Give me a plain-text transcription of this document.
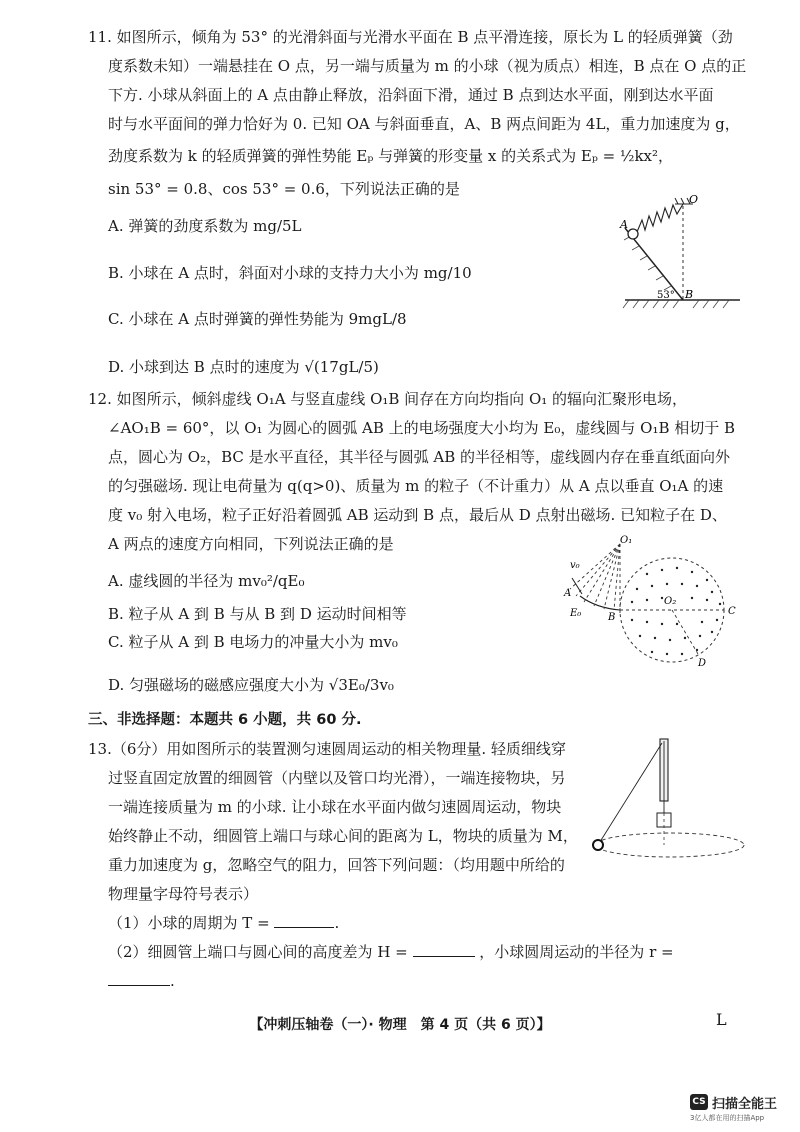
11. 如图所示，倾角为 53° 的光滑斜面与光滑水平面在 B 点平滑连接，原长为 L 的轻质弹簧（劲
度系数未知）一端悬挂在 O 点，另一端与质量为 m 的小球（视为质点）相连，B 点在 O 点的正
下方. 小球从斜面上的 A 点由静止释放，沿斜面下滑，通过 B 点到达水平面，刚到达水平面
时与水平面间的弹力恰好为 0. 已知 OA 与斜面垂直，A、B 两点间距为 4L，重力加速度为 g，
劲度系数为 k 的轻质弹簧的弹性势能 Eₚ 与弹簧的形变量 x 的关系式为 Eₚ = ½kx²，
sin 53° = 0.8、cos 53° = 0.6，下列说法正确的是
A. 弹簧的劲度系数为 mg/5L
B. 小球在 A 点时，斜面对小球的支持力大小为 mg/10
C. 小球在 A 点时弹簧的弹性势能为 9mgL/8
D. 小球到达 B 点时的速度为 √(17gL/5)
A
O
B
53°
12. 如图所示，倾斜虚线 O₁A 与竖直虚线 O₁B 间存在方向均指向 O₁ 的辐向汇聚形电场，
∠AO₁B = 60°，以 O₁ 为圆心的圆弧 AB 上的电场强度大小均为 E₀，虚线圆与 O₁B 相切于 B
点，圆心为 O₂，BC 是水平直径，其半径与圆弧 AB 的半径相等，虚线圆内存在垂直纸面向外
的匀强磁场. 现让电荷量为 q(q>0)、质量为 m 的粒子（不计重力）从 A 点以垂直 O₁A 的速
度 v₀ 射入电场，粒子正好沿着圆弧 AB 运动到 B 点，最后从 D 点射出磁场. 已知粒子在 D、
A 两点的速度方向相同，下列说法正确的是
A. 虚线圆的半径为 mv₀²/qE₀
B. 粒子从 A 到 B 与从 B 到 D 运动时间相等
C. 粒子从 A 到 B 电场力的冲量大小为 mv₀
D. 匀强磁场的磁感应强度大小为 √3E₀/3v₀
O₁
O₂
A
B
C
D
v₀
E₀
三、非选择题：本题共 6 小题，共 60 分.
13.（6分）用如图所示的装置测匀速圆周运动的相关物理量. 轻质细线穿
过竖直固定放置的细圆管（内壁以及管口均光滑），一端连接物块，另
一端连接质量为 m 的小球. 让小球在水平面内做匀速圆周运动，物块
始终静止不动，细圆管上端口与球心间的距离为 L，物块的质量为 M，
重力加速度为 g，忽略空气的阻力，回答下列问题：（均用题中所给的
物理量字母符号表示）
（1）小球的周期为 T =	.
（2）细圆管上端口与圆心间的高度差为 H =	，小球圆周运动的半径为 r =
.
【冲刺压轴卷（一）· 物理　第 4 页（共 6 页）】	L
CS 扫描全能王
3亿人都在用的扫描App
